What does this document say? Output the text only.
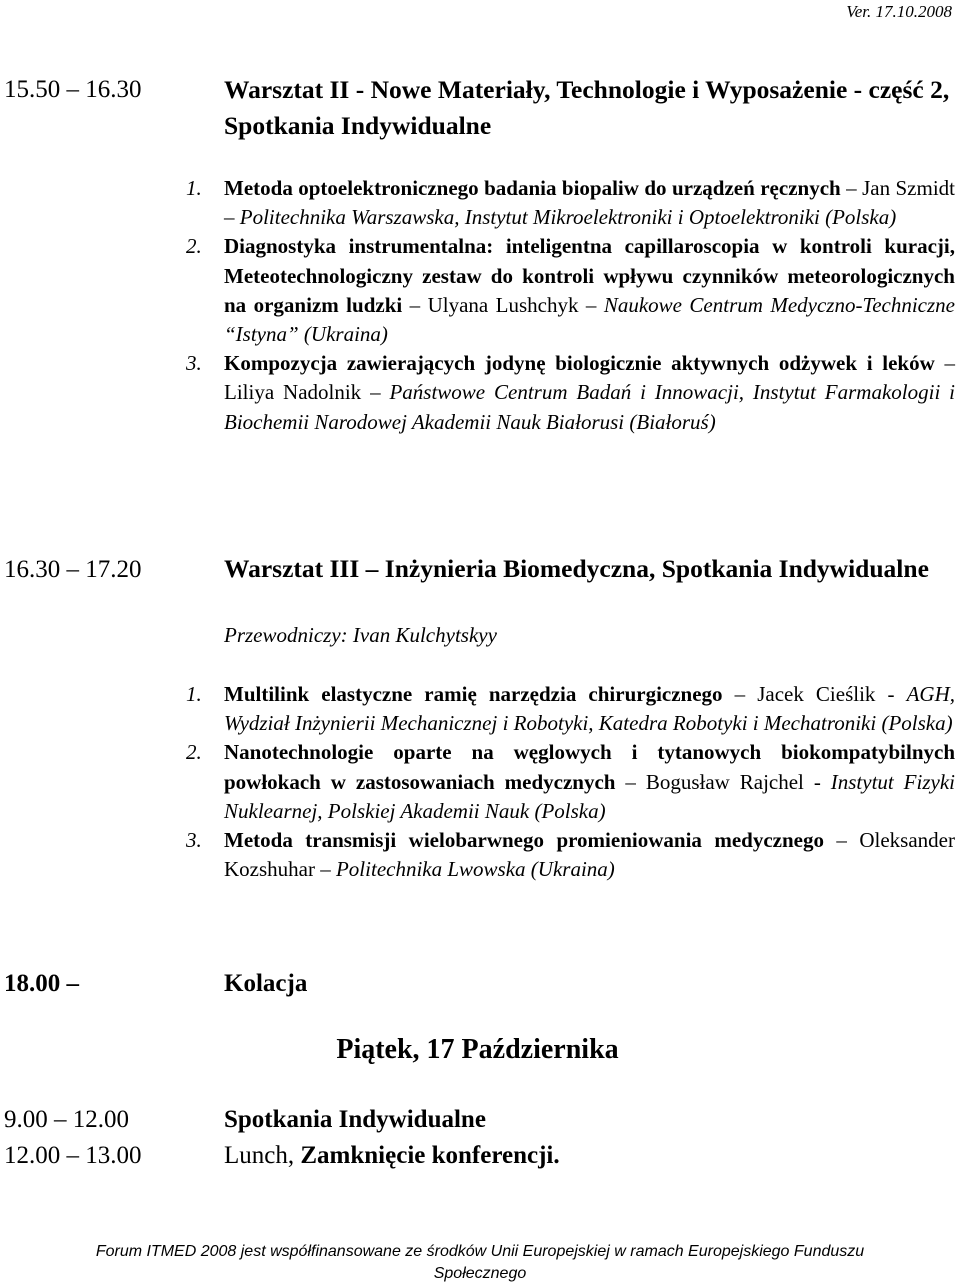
Ver. 17.10.2008
15.50 – 16.30	Warsztat II - Nowe Materiały, Technologie i Wyposażenie - część 2, Spotkania Indywidualne
1. Metoda optoelektronicznego badania biopaliw do urządzeń ręcznych – Jan Szmidt – Politechnika Warszawska, Instytut Mikroelektroniki i Optoelektroniki (Polska)
2. Diagnostyka instrumentalna: inteligentna capillaroscopia w kontroli kuracji, Meteotechnologiczny zestaw do kontroli wpływu czynników meteorologicznych na organizm ludzki – Ulyana Lushchyk – Naukowe Centrum Medyczno-Techniczne “Istyna” (Ukraina)
3. Kompozycja zawierających jodynę biologicznie aktywnych odżywek i leków – Liliya Nadolnik – Państwowe Centrum Badań i Innowacji, Instytut Farmakologii i Biochemii Narodowej Akademii Nauk Białorusi (Białoruś)
16.30 – 17.20	Warsztat III – Inżynieria Biomedyczna, Spotkania Indywidualne
Przewodniczy: Ivan Kulchytskyy
1. Multilink elastyczne ramię narzędzia chirurgicznego – Jacek Cieślik - AGH, Wydział Inżynierii Mechanicznej i Robotyki, Katedra Robotyki i Mechatroniki (Polska)
2. Nanotechnologie oparte na węglowych i tytanowych biokompatybilnych powłokach w zastosowaniach medycznych – Bogusław Rajchel - Instytut Fizyki Nuklearnej, Polskiej Akademii Nauk (Polska)
3. Metoda transmisji wielobarwnego promieniowania medycznego – Oleksander Kozshuhar – Politechnika Lwowska (Ukraina)
18.00 –	Kolacja
Piątek, 17 Października
9.00 – 12.00	Spotkania Indywidualne
12.00 – 13.00	Lunch, Zamknięcie konferencji.
Forum ITMED 2008 jest współfinansowane ze środków Unii Europejskiej w ramach Europejskiego Funduszu
Społecznego
